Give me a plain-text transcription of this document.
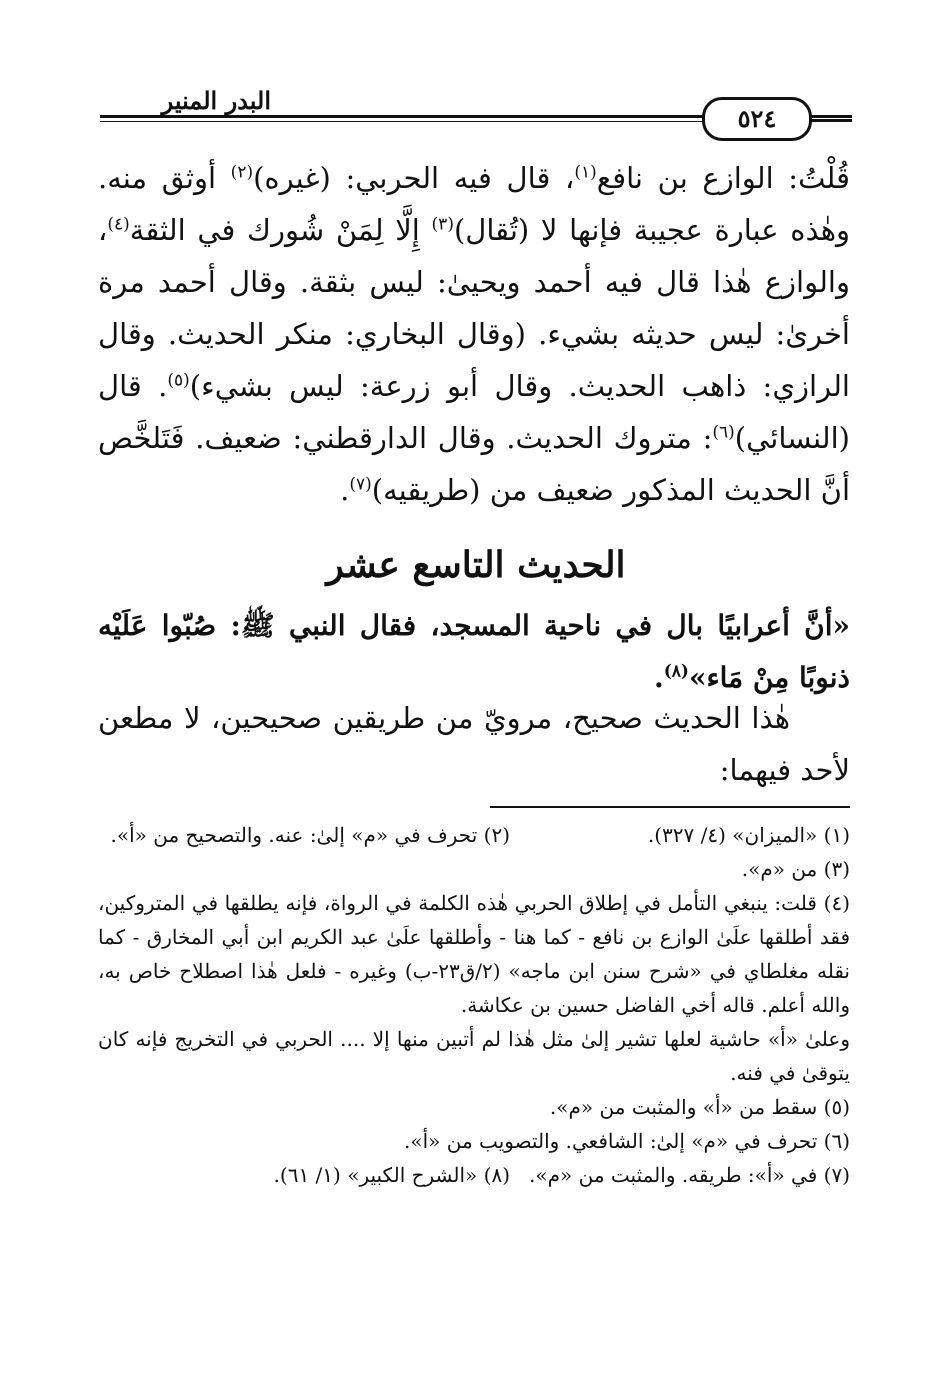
البدر المنير
٥٢٤

قُلْتُ: الوازع بن نافع$^{(١)}$، قال فيه الحربي: (غيره)$^{(٢)}$ أوثق منه. وهٰذه عبارة عجيبة فإنها لا (تُقال)$^{(٣)}$ إِلَّا لِمَنْ شُورك في الثقة$^{(٤)}$، والوازع هٰذا قال فيه أحمد ويحيىٰ: ليس بثقة. وقال أحمد مرة أخرىٰ: ليس حديثه بشيء. (وقال البخاري: منكر الحديث. وقال الرازي: ذاهب الحديث. وقال أبو زرعة: ليس بشيء)$^{(٥)}$. قال (النسائي)$^{(٦)}$: متروك الحديث. وقال الدارقطني: ضعيف. فَتَلخَّص أنَّ الحديث المذكور ضعيف من (طريقيه)$^{(٧)}$.

الحديث التاسع عشر

«أنَّ أعرابيًا بال في ناحية المسجد، فقال النبي ﷺ: صُبّوا عَلَيْه ذنوبًا مِنْ مَاء»$^{(٨)}$.

هٰذا الحديث صحيح، مرويّ من طريقين صحيحين، لا مطعن لأحد فيهما:

(١) «الميزان» (٤/ ٣٢٧).
(٢) تحرف في «م» إلىٰ: عنه. والتصحيح من «أ».

(٣) من «م».

(٤) قلت: ينبغي التأمل في إطلاق الحربي هٰذه الكلمة في الرواة، فإنه يطلقها في المتروكين، فقد أطلقها علَىٰ الوازع بن نافع - كما هنا - وأطلقها علَىٰ عبد الكريم ابن أبي المخارق - كما نقله مغلطاي في «شرح سنن ابن ماجه» (٢/ق٢٣-ب) وغيره - فلعل هٰذا اصطلاح خاص به، والله أعلم. قاله أخي الفاضل حسين بن عكاشة.

وعلىٰ «أ» حاشية لعلها تشير إلىٰ مثل هٰذا لم أتبين منها إلا .... الحربي في التخريج فإنه كان يتوقىٰ في فنه.

(٥) سقط من «أ» والمثبت من «م».

(٦) تحرف في «م» إلىٰ: الشافعي. والتصويب من «أ».

(٧) في «أ»: طريقه. والمثبت من «م».
(٨) «الشرح الكبير» (١/ ٦١).
